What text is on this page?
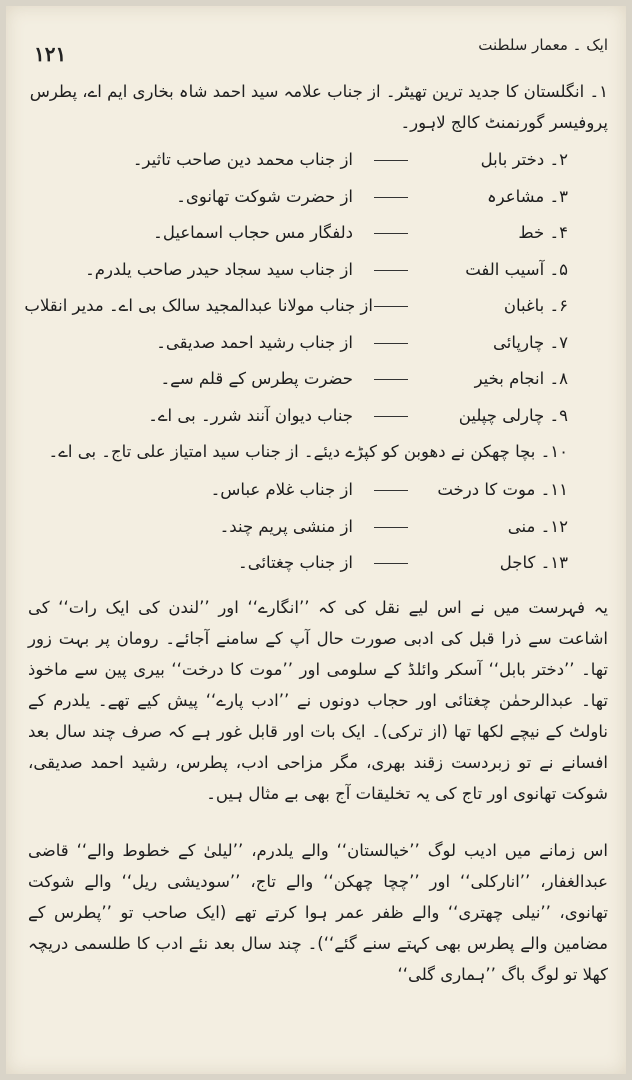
۱۲۱	ایک ۔ معمار سلطنت

۱۔ انگلستان کا جدید ترین تھیٹر۔ از جناب علامہ سید احمد شاہ بخاری ایم اے، پطرس پروفیسر گورنمنٹ کالج لاہور۔

۲۔ دختر بابل
از جناب محمد دین صاحب تاثیر۔
۳۔ مشاعرہ
از حضرت شوکت تھانوی۔
۴۔ خط
دلفگار مس حجاب اسماعیل۔
۵۔ آسیب الفت
از جناب سید سجاد حیدر صاحب یلدرم۔
۶۔ باغبان
از جناب مولانا عبدالمجید سالک بی اے۔ مدیر انقلاب
۷۔ چارپائی
از جناب رشید احمد صدیقی۔
۸۔ انجام بخیر
حضرت پطرس کے قلم سے۔
۹۔ چارلی چپلین
جناب دیوان آنند شرر۔ بی اے۔
۱۰۔ بچا چھکن نے دھوبن کو کپڑے دیئے۔ از جناب سید امتیاز علی تاج۔ بی اے۔
۱۱۔ موت کا درخت
از جناب غلام عباس۔
۱۲۔ منی
از منشی پریم چند۔
۱۳۔ کاجل
از جناب چغتائی۔

یہ فہرست میں نے اس لیے نقل کی کہ ’’انگارے‘‘ اور ’’لندن کی ایک رات‘‘ کی اشاعت سے ذرا قبل کی ادبی صورت حال آپ کے سامنے آجائے۔ رومان پر بہت زور تھا۔ ’’دختر بابل‘‘ آسکر وائلڈ کے سلومی اور ’’موت کا درخت‘‘ بیری پین سے ماخوذ تھا۔ عبدالرحمٰن چغتائی اور حجاب دونوں نے ’’ادب پارے‘‘ پیش کیے تھے۔ یلدرم کے ناولٹ کے نیچے لکھا تھا (از ترکی)۔ ایک بات اور قابل غور ہے کہ صرف چند سال بعد افسانے نے تو زبردست زقند بھری، مگر مزاحی ادب، پطرس، رشید احمد صدیقی، شوکت تھانوی اور تاج کی یہ تخلیقات آج بھی بے مثال ہیں۔

اس زمانے میں ادیب لوگ ’’خیالستان‘‘ والے یلدرم، ’’لیلیٰ کے خطوط والے‘‘ قاضی عبدالغفار، ’’انارکلی‘‘ اور ’’چچا چھکن‘‘ والے تاج، ’’سودیشی ریل‘‘ والے شوکت تھانوی، ’’نیلی چھتری‘‘ والے ظفر عمر ہوا کرتے تھے (ایک صاحب تو ’’پطرس کے مضامین والے پطرس بھی کہتے سنے گئے‘‘)۔ چند سال بعد نئے ادب کا طلسمی دریچہ کھلا تو لوگ باگ ’’ہماری گلی‘‘
